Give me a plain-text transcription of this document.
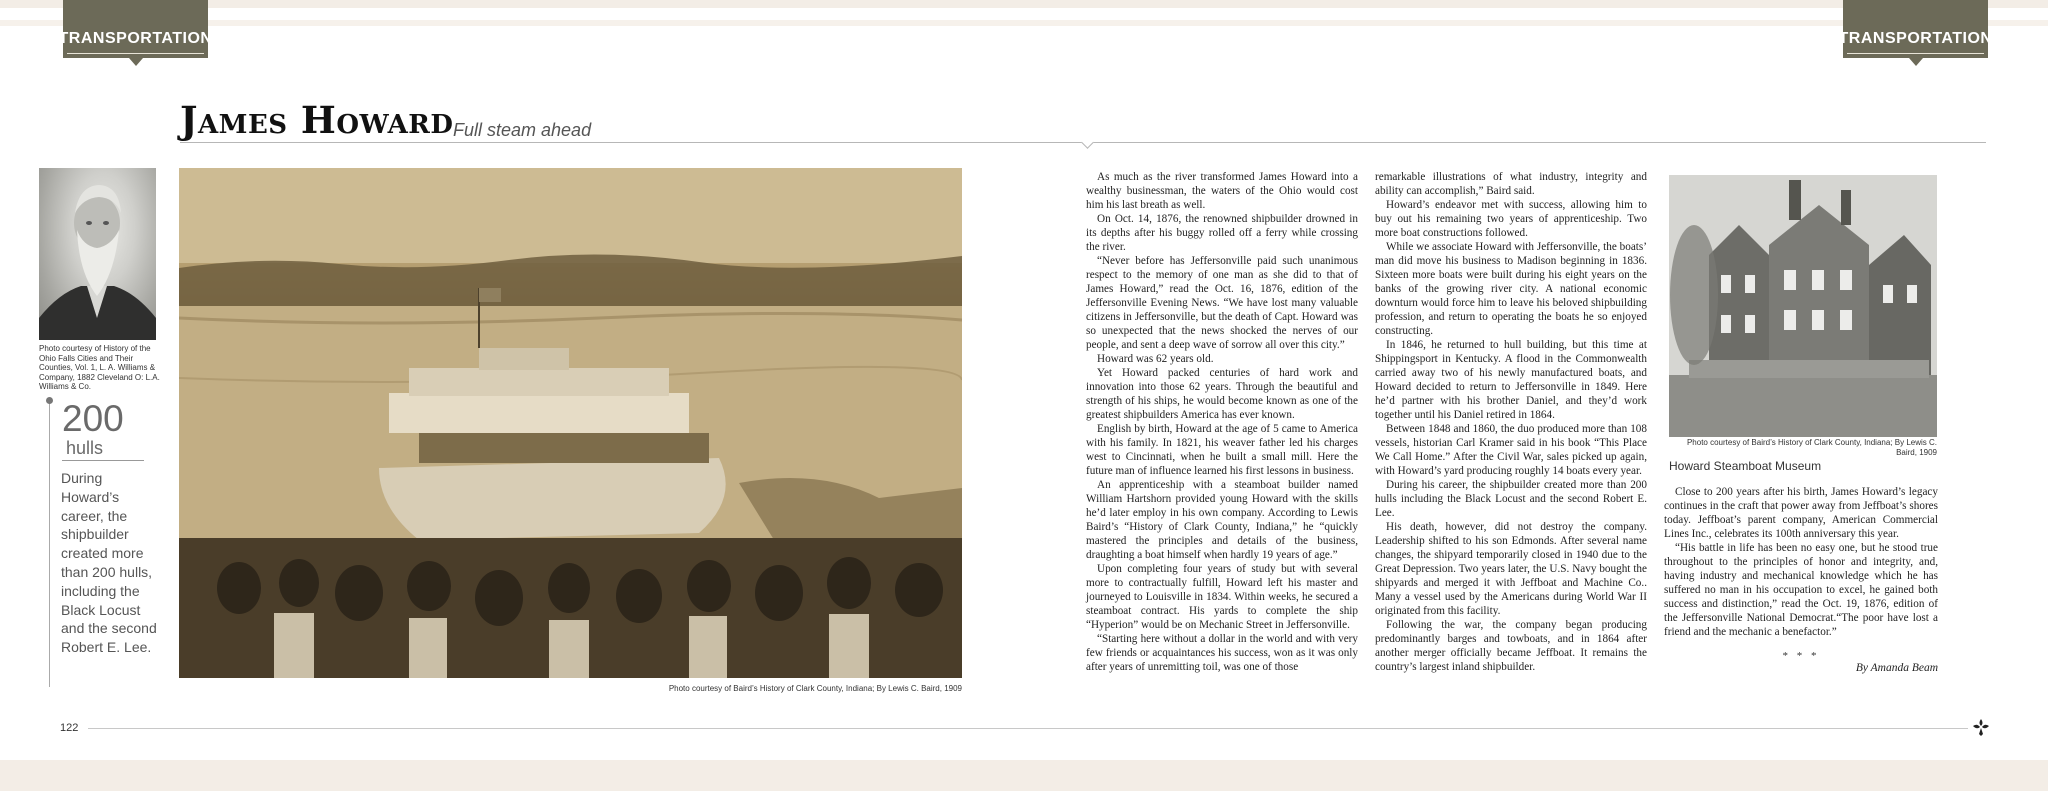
TRANSPORTATION	TRANSPORTATION
James Howard Full steam ahead
Photo courtesy of History of the Ohio Falls Cities and Their Counties, Vol. 1, L. A. Williams & Company, 1882 Cleveland O: L.A. Williams & Co.
200
hulls
During Howard’s career, the shipbuilder created more than 200 hulls, including the Black Locust and the second Robert E. Lee.
Photo courtesy of Baird’s History of Clark County, Indiana; By Lewis C. Baird, 1909

As much as the river transformed James Howard into a wealthy businessman, the waters of the Ohio would cost him his last breath as well.

On Oct. 14, 1876, the renowned shipbuilder drowned in its depths after his buggy rolled off a ferry while crossing the river.

“Never before has Jeffersonville paid such unanimous respect to the memory of one man as she did to that of James Howard,” read the Oct. 16, 1876, edition of the Jeffersonville Evening News. “We have lost many valuable citizens in Jeffersonville, but the death of Capt. Howard was so unexpected that the news shocked the nerves of our people, and sent a deep wave of sorrow all over this city.”

Howard was 62 years old.

Yet Howard packed centuries of hard work and innovation into those 62 years. Through the beautiful and strength of his ships, he would become known as one of the greatest shipbuilders America has ever known.

English by birth, Howard at the age of 5 came to America with his family. In 1821, his weaver father led his charges west to Cincinnati, when he built a small mill. Here the future man of influence learned his first lessons in business.

An apprenticeship with a steamboat builder named William Hartshorn provided young Howard with the skills he’d later employ in his own company. According to Lewis Baird’s “History of Clark County, Indiana,” he “quickly mastered the principles and details of the business, draughting a boat himself when hardly 19 years of age.”

Upon completing four years of study but with several more to contractually fulfill, Howard left his master and journeyed to Louisville in 1834. Within weeks, he secured a steamboat contract. His yards to complete the ship “Hyperion” would be on Mechanic Street in Jeffersonville.

“Starting here without a dollar in the world and with very few friends or acquaintances his success, won as it was only after years of unremitting toil, was one of those

remarkable illustrations of what industry, integrity and ability can accomplish,” Baird said.

Howard’s endeavor met with success, allowing him to buy out his remaining two years of apprenticeship. Two more boat constructions followed.

While we associate Howard with Jeffersonville, the boats’ man did move his business to Madison beginning in 1836. Sixteen more boats were built during his eight years on the banks of the growing river city. A national economic downturn would force him to leave his beloved shipbuilding profession, and return to operating the boats he so enjoyed constructing.

In 1846, he returned to hull building, but this time at Shippingsport in Kentucky. A flood in the Commonwealth carried away two of his newly manufactured boats, and Howard decided to return to Jeffersonville in 1849. Here he’d partner with his brother Daniel, and they’d work together until his Daniel retired in 1864.

Between 1848 and 1860, the duo produced more than 108 vessels, historian Carl Kramer said in his book “This Place We Call Home.” After the Civil War, sales picked up again, with Howard’s yard producing roughly 14 boats every year.

During his career, the shipbuilder created more than 200 hulls including the Black Locust and the second Robert E. Lee.

His death, however, did not destroy the company. Leadership shifted to his son Edmonds. After several name changes, the shipyard temporarily closed in 1940 due to the Great Depression. Two years later, the U.S. Navy bought the shipyards and merged it with Jeffboat and Machine Co.. Many a vessel used by the Americans during World War II originated from this facility.

Following the war, the company began producing predominantly barges and towboats, and in 1864 after another merger officially became Jeffboat. It remains the country’s largest inland shipbuilder.

Photo courtesy of Baird’s History of Clark County, Indiana; By Lewis C. Baird, 1909
Howard Steamboat Museum

Close to 200 years after his birth, James Howard’s legacy continues in the craft that power away from Jeffboat’s shores today. Jeffboat’s parent company, American Commercial Lines Inc., celebrates its 100th anniversary this year.

“His battle in life has been no easy one, but he stood true throughout to the principles of honor and integrity, and, having industry and mechanical knowledge which he has suffered no man in his occupation to excel, he gained both success and distinction,” read the Oct. 19, 1876, edition of the Jeffersonville National Democrat.“The poor have lost a friend and the mechanic a benefactor.”

* * *
By Amanda Beam
122
